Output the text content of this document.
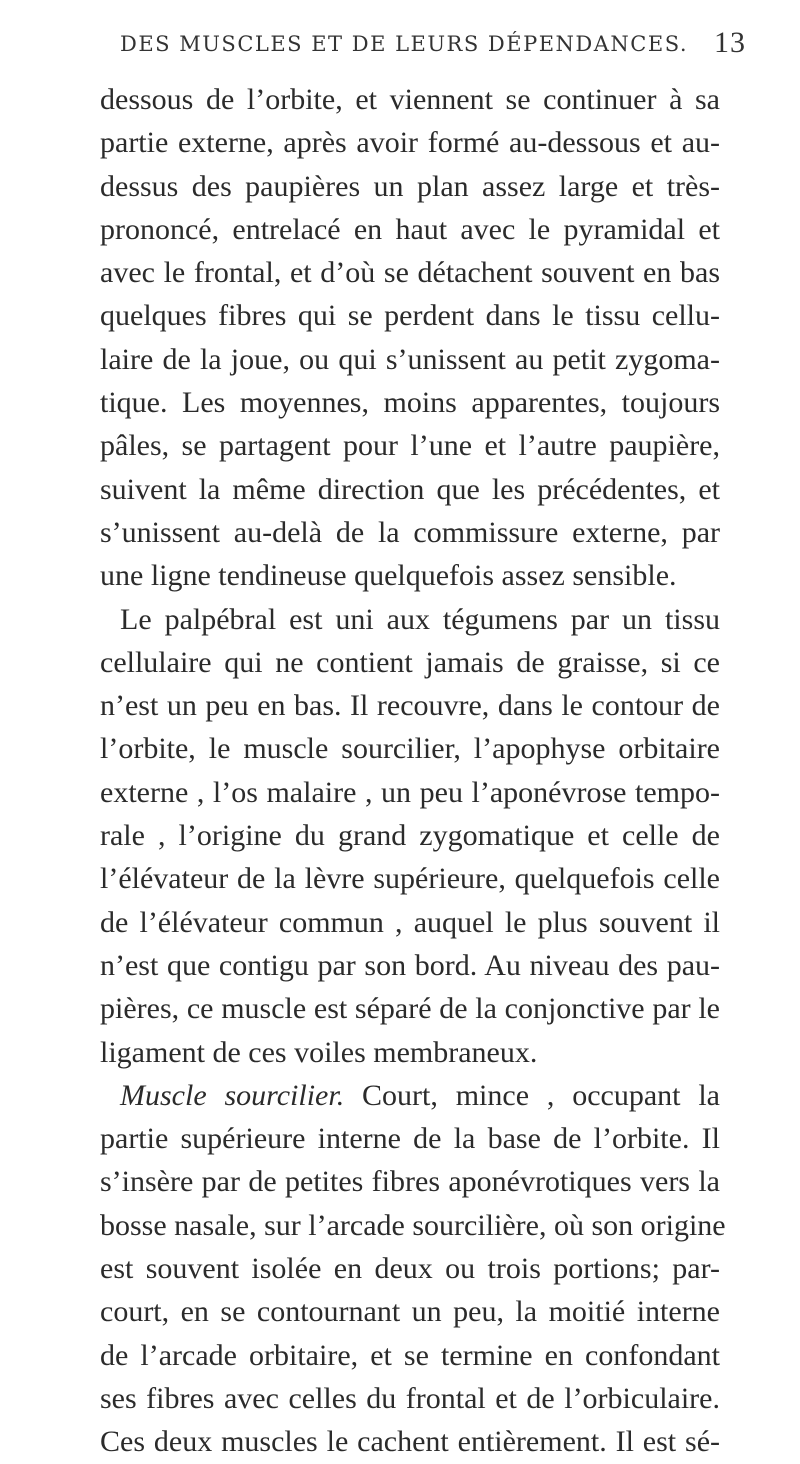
DES MUSCLES ET DE LEURS DÉPENDANCES. 13
dessous de l’orbite, et viennent se continuer à sa
partie externe, après avoir formé au-dessous et au-
dessus des paupières un plan assez large et très-
prononcé, entrelacé en haut avec le pyramidal et
avec le frontal, et d’où se détachent souvent en bas
quelques fibres qui se perdent dans le tissu cellu-
laire de la joue, ou qui s’unissent au petit zygoma-
tique. Les moyennes, moins apparentes, toujours
pâles, se partagent pour l’une et l’autre paupière,
suivent la même direction que les précédentes, et
s’unissent au-delà de la commissure externe, par
une ligne tendineuse quelquefois assez sensible.
Le palpébral est uni aux tégumens par un tissu
cellulaire qui ne contient jamais de graisse, si ce
n’est un peu en bas. Il recouvre, dans le contour de
l’orbite, le muscle sourcilier, l’apophyse orbitaire
externe , l’os malaire , un peu l’aponévrose tempo-
rale , l’origine du grand zygomatique et celle de
l’élévateur de la lèvre supérieure, quelquefois celle
de l’élévateur commun , auquel le plus souvent il
n’est que contigu par son bord. Au niveau des pau-
pières, ce muscle est séparé de la conjonctive par le
ligament de ces voiles membraneux.
Muscle sourcilier. Court, mince , occupant la
partie supérieure interne de la base de l’orbite. Il
s’insère par de petites fibres aponévrotiques vers la
bosse nasale, sur l’arcade sourcilière, où son origine
est souvent isolée en deux ou trois portions; par-
court, en se contournant un peu, la moitié interne
de l’arcade orbitaire, et se termine en confondant
ses fibres avec celles du frontal et de l’orbiculaire.
Ces deux muscles le cachent entièrement. Il est sé-
